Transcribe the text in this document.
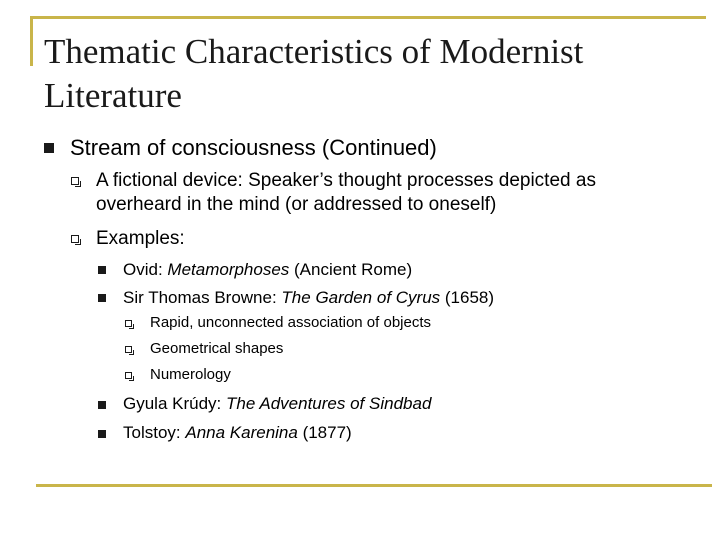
Thematic Characteristics of Modernist Literature
Stream of consciousness (Continued)
A fictional device: Speaker’s thought processes depicted as overheard in the mind (or addressed to oneself)
Examples:
Ovid: Metamorphoses (Ancient Rome)
Sir Thomas Browne: The Garden of Cyrus (1658)
Rapid, unconnected association of objects
Geometrical shapes
Numerology
Gyula Krúdy: The Adventures of Sindbad
Tolstoy: Anna Karenina (1877)
